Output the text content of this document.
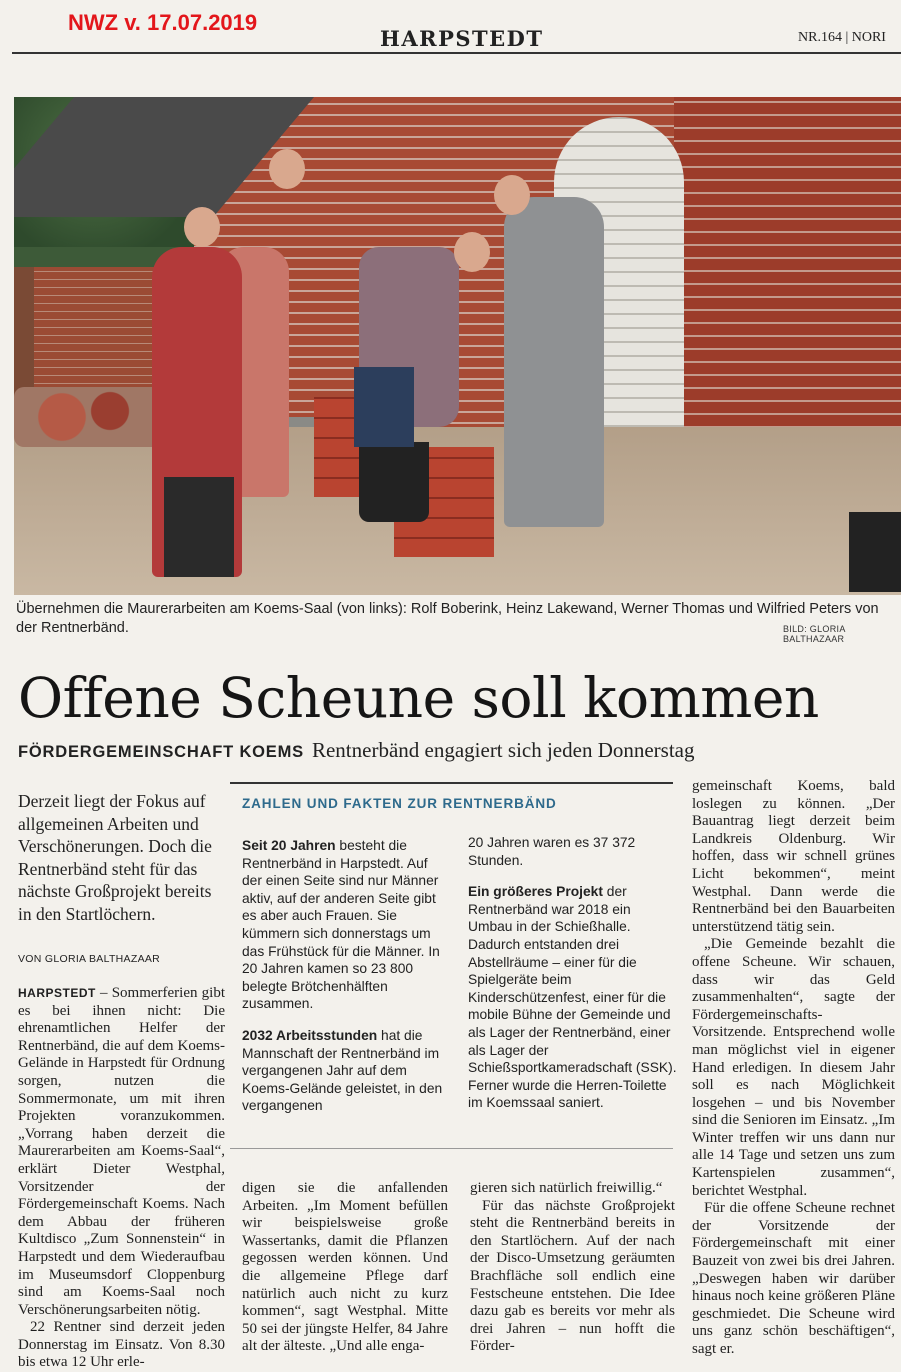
NWZ v. 17.07.2019
HARPSTEDT	NR.164 | NORI
Übernehmen die Maurerarbeiten am Koems-Saal (von links): Rolf Boberink, Heinz Lakewand, Werner Thomas und Wilfried Peters von der Rentnerbänd.	BILD: GLORIA BALTHAZAAR
Offene Scheune soll kommen
FÖRDERGEMEINSCHAFT KOEMS Rentnerbänd engagiert sich jeden Donnerstag
Derzeit liegt der Fokus auf allgemeinen Arbeiten und Verschönerungen. Doch die Rentnerbänd steht für das nächste Großprojekt bereits in den Startlöchern.
VON GLORIA BALTHAZAAR

HARPSTEDT – Sommerferien gibt es bei ihnen nicht: Die ehrenamtlichen Helfer der Rentnerbänd, die auf dem Koems-Gelände in Harpstedt für Ordnung sorgen, nutzen die Sommermonate, um mit ihren Projekten voranzukommen. „Vorrang haben derzeit die Maurerarbeiten am Koems-Saal“, erklärt Dieter Westphal, Vorsitzender der Fördergemeinschaft Koems. Nach dem Abbau der früheren Kultdisco „Zum Sonnenstein“ in Harpstedt und dem Wiederaufbau im Museumsdorf Cloppenburg sind am Koems-Saal noch Verschönerungsarbeiten nötig.

22 Rentner sind derzeit jeden Donnerstag im Einsatz. Von 8.30 bis etwa 12 Uhr erle-

ZAHLEN UND FAKTEN ZUR RENTNERBÄND

Seit 20 Jahren besteht die Rentnerbänd in Harpstedt. Auf der einen Seite sind nur Männer aktiv, auf der anderen Seite gibt es aber auch Frauen. Sie kümmern sich donnerstags um das Frühstück für die Männer. In 20 Jahren kamen so 23 800 belegte Brötchenhälften zusammen.

2032 Arbeitsstunden hat die Mannschaft der Rentnerbänd im vergangenen Jahr auf dem Koems-Gelände geleistet, in den vergangenen

20 Jahren waren es 37 372 Stunden.

Ein größeres Projekt der Rentnerbänd war 2018 ein Umbau in der Schießhalle. Dadurch entstanden drei Abstellräume – einer für die Spielgeräte beim Kinderschützenfest, einer für die mobile Bühne der Gemeinde und als Lager der Rentnerbänd, einer als Lager der Schießsportkameradschaft (SSK). Ferner wurde die Herren-Toilette im Koemssaal saniert.

digen sie die anfallenden Arbeiten. „Im Moment befüllen wir beispielsweise große Wassertanks, damit die Pflanzen gegossen werden können. Und die allgemeine Pflege darf natürlich auch nicht zu kurz kommen“, sagt Westphal. Mitte 50 sei der jüngste Helfer, 84 Jahre alt der älteste. „Und alle enga-

gieren sich natürlich freiwillig.“

Für das nächste Großprojekt steht die Rentnerbänd bereits in den Startlöchern. Auf der nach der Disco-Umsetzung geräumten Brachfläche soll endlich eine Festscheune entstehen. Die Idee dazu gab es bereits vor mehr als drei Jahren – nun hofft die Förder-

gemeinschaft Koems, bald loslegen zu können. „Der Bauantrag liegt derzeit beim Landkreis Oldenburg. Wir hoffen, dass wir schnell grünes Licht bekommen“, meint Westphal. Dann werde die Rentnerbänd bei den Bauarbeiten unterstützend tätig sein.

„Die Gemeinde bezahlt die offene Scheune. Wir schauen, dass wir das Geld zusammenhalten“, sagte der Fördergemeinschafts-Vorsitzende. Entsprechend wolle man möglichst viel in eigener Hand erledigen. In diesem Jahr soll es nach Möglichkeit losgehen – und bis November sind die Senioren im Einsatz. „Im Winter treffen wir uns dann nur alle 14 Tage und setzen uns zum Kartenspielen zusammen“, berichtet Westphal.

Für die offene Scheune rechnet der Vorsitzende der Fördergemeinschaft mit einer Bauzeit von zwei bis drei Jahren. „Deswegen haben wir darüber hinaus noch keine größeren Pläne geschmiedet. Die Scheune wird uns ganz schön beschäftigen“, sagt er.
